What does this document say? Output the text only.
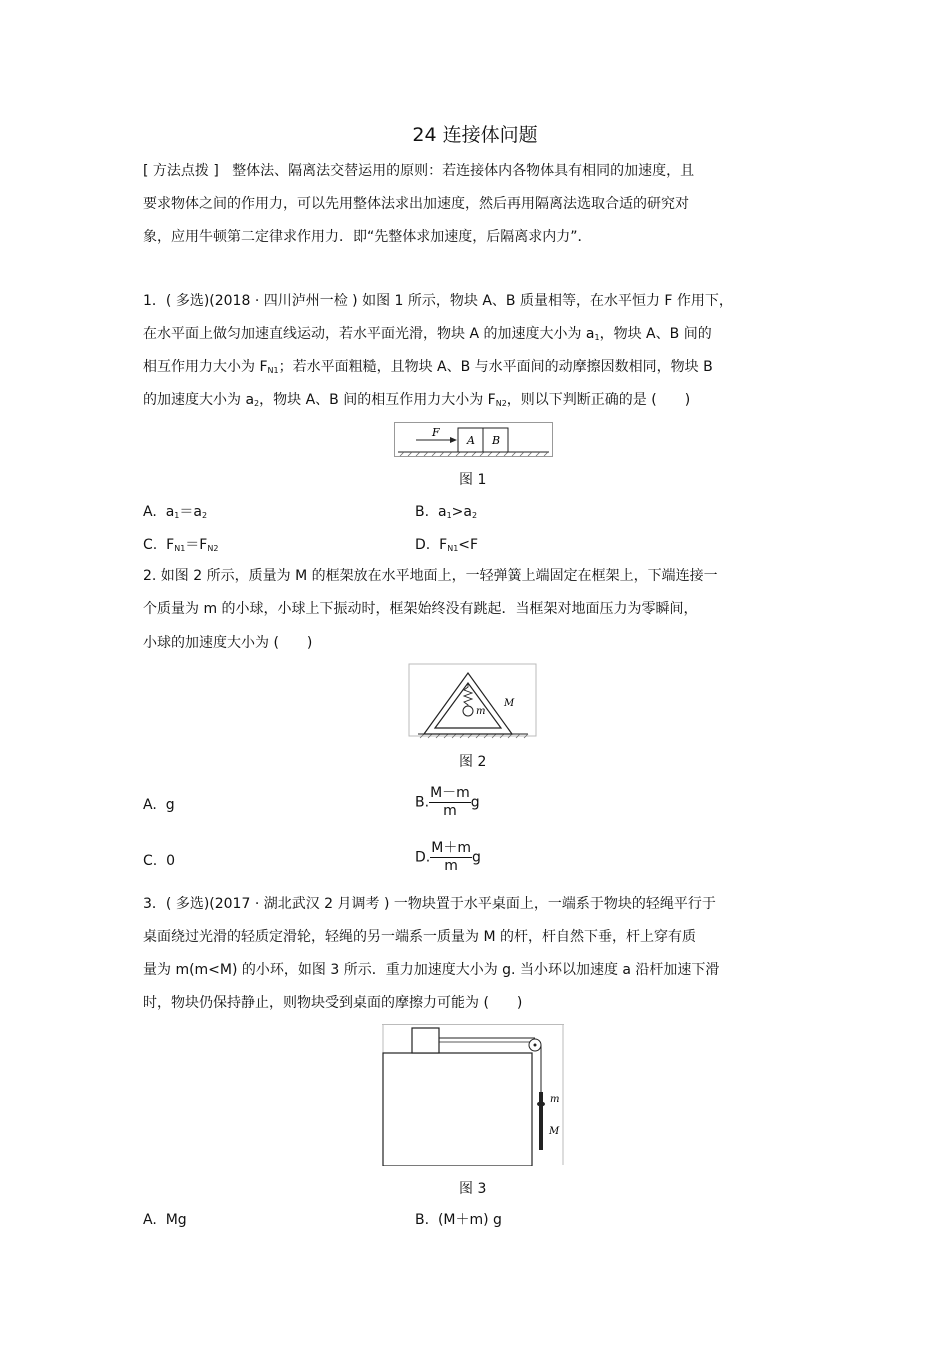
24 连接体问题
[ 方法点拨 ] 整体法、隔离法交替运用的原则：若连接体内各物体具有相同的加速度，且
要求物体之间的作用力，可以先用整体法求出加速度，然后再用隔离法选取合适的研究对
象，应用牛顿第二定律求作用力．即“先整体求加速度，后隔离求内力”．
1．( 多选)(2018 · 四川泸州一检 ) 如图 1 所示，物块 A、B 质量相等，在水平恒力 F 作用下，
在水平面上做匀加速直线运动，若水平面光滑，物块 A 的加速度大小为 $a_1$，物块 A、B 间的
相互作用力大小为 $F_{N1}$；若水平面粗糙，且物块 A、B 与水平面间的动摩擦因数相同，物块 B
的加速度大小为 $a_2$，物块 A、B 间的相互作用力大小为 $F_{N2}$，则以下判断正确的是 (　　)
F
A B
图 1
A. $a_1=a_2$	B. $a_1>a_2$
C. $F_{N1}=F_{N2}$	D. $F_{N1}<F$
2. 如图 2 所示，质量为 M 的框架放在水平地面上，一轻弹簧上端固定在框架上，下端连接一
个质量为 m 的小球，小球上下振动时，框架始终没有跳起．当框架对地面压力为零瞬间，
小球的加速度大小为 (　　)
m
M
图 2
A. g	B. $\frac{M-m}{m}$ g
C. 0	D. $\frac{M+m}{m}$ g
3．( 多选)(2017 · 湖北武汉 2 月调考 ) 一物块置于水平桌面上，一端系于物块的轻绳平行于
桌面绕过光滑的轻质定滑轮，轻绳的另一端系一质量为 M 的杆，杆自然下垂，杆上穿有质
量为 m(m<M) 的小环，如图 3 所示．重力加速度大小为 g. 当小环以加速度 a 沿杆加速下滑
时，物块仍保持静止，则物块受到桌面的摩擦力可能为 (　　)
m
M
图 3
A. Mg	B. (M＋m) g
